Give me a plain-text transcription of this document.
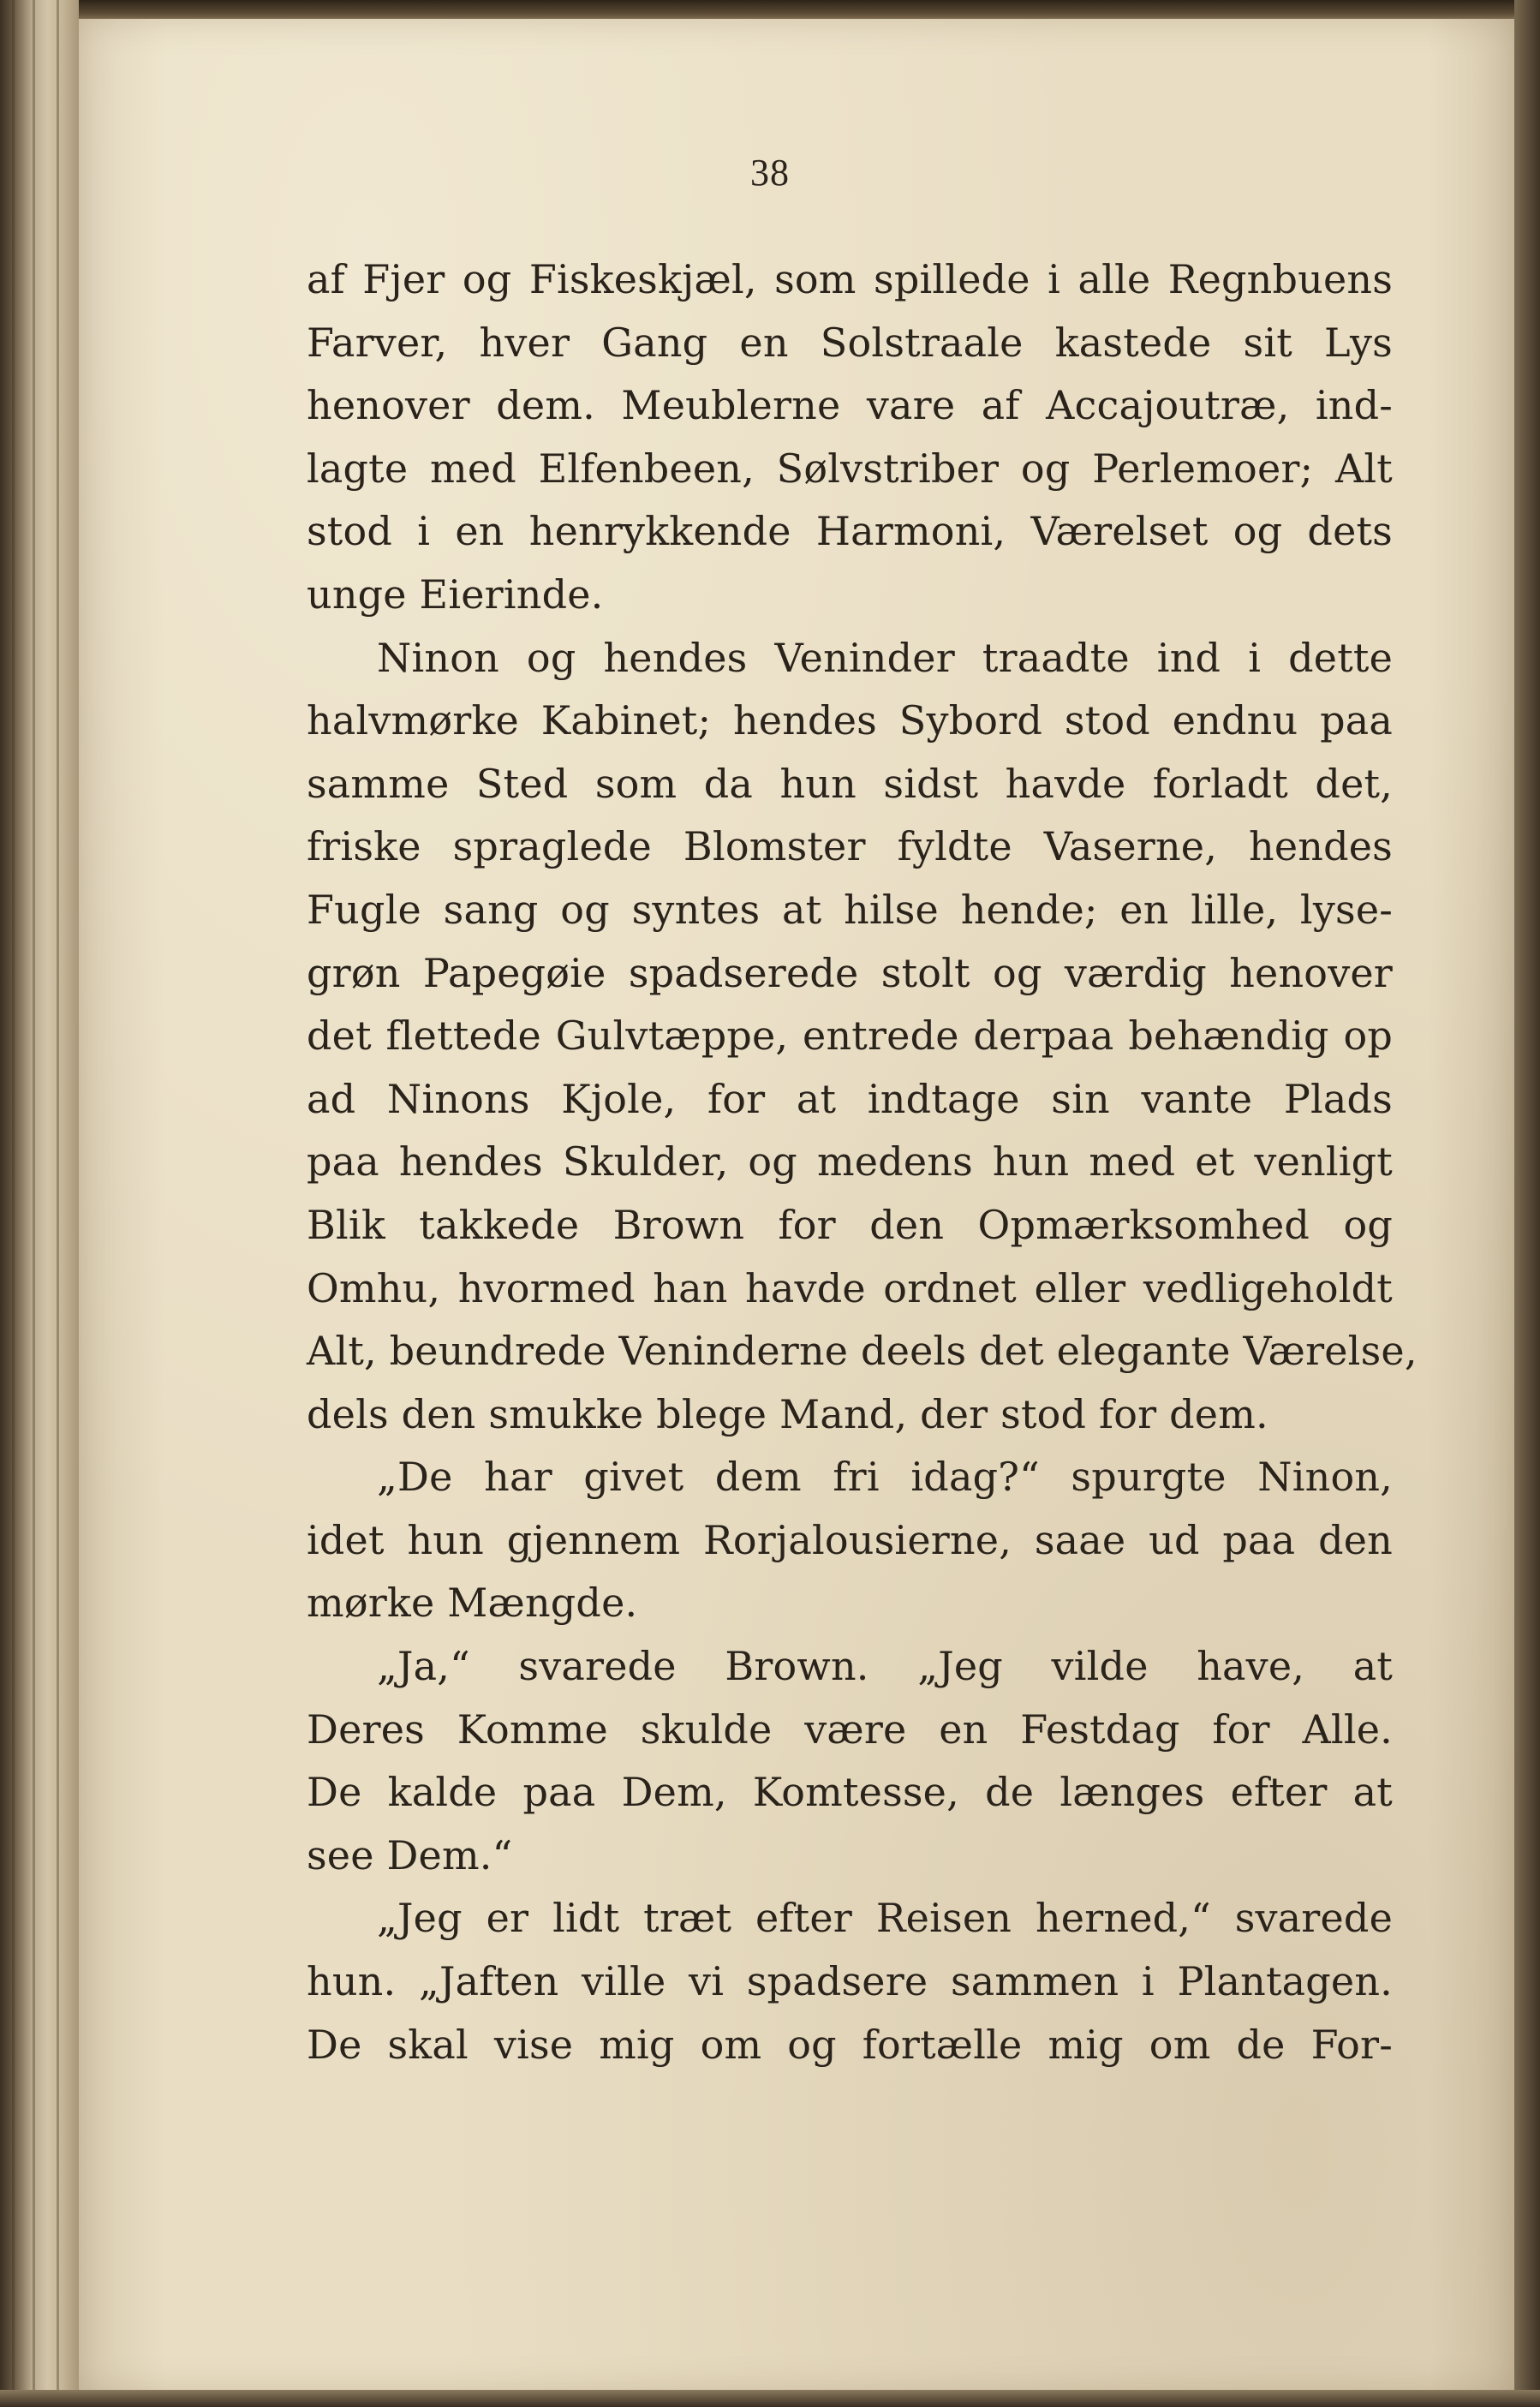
38
af Fjer og Fiskeskjæl, som spillede i alle Regnbuens
Farver, hver Gang en Solstraale kastede sit Lys
henover dem. Meublerne vare af Accajoutræ, ind-
lagte med Elfenbeen, Sølvstriber og Perlemoer; Alt
stod i en henrykkende Harmoni, Værelset og dets
unge Eierinde.
Ninon og hendes Veninder traadte ind i dette
halvmørke Kabinet; hendes Sybord stod endnu paa
samme Sted som da hun sidst havde forladt det,
friske spraglede Blomster fyldte Vaserne, hendes
Fugle sang og syntes at hilse hende; en lille, lyse-
grøn Papegøie spadserede stolt og værdig henover
det flettede Gulvtæppe, entrede derpaa behændig op
ad Ninons Kjole, for at indtage sin vante Plads
paa hendes Skulder, og medens hun med et venligt
Blik takkede Brown for den Opmærksomhed og
Omhu, hvormed han havde ordnet eller vedligeholdt
Alt, beundrede Veninderne deels det elegante Værelse,
dels den smukke blege Mand, der stod for dem.
„De har givet dem fri idag?“ spurgte Ninon,
idet hun gjennem Rorjalousierne, saae ud paa den
mørke Mængde.
„Ja,“ svarede Brown. „Jeg vilde have, at
Deres Komme skulde være en Festdag for Alle.
De kalde paa Dem, Komtesse, de længes efter at
see Dem.“
„Jeg er lidt træt efter Reisen herned,“ svarede
hun. „Jaften ville vi spadsere sammen i Plantagen.
De skal vise mig om og fortælle mig om de For-
